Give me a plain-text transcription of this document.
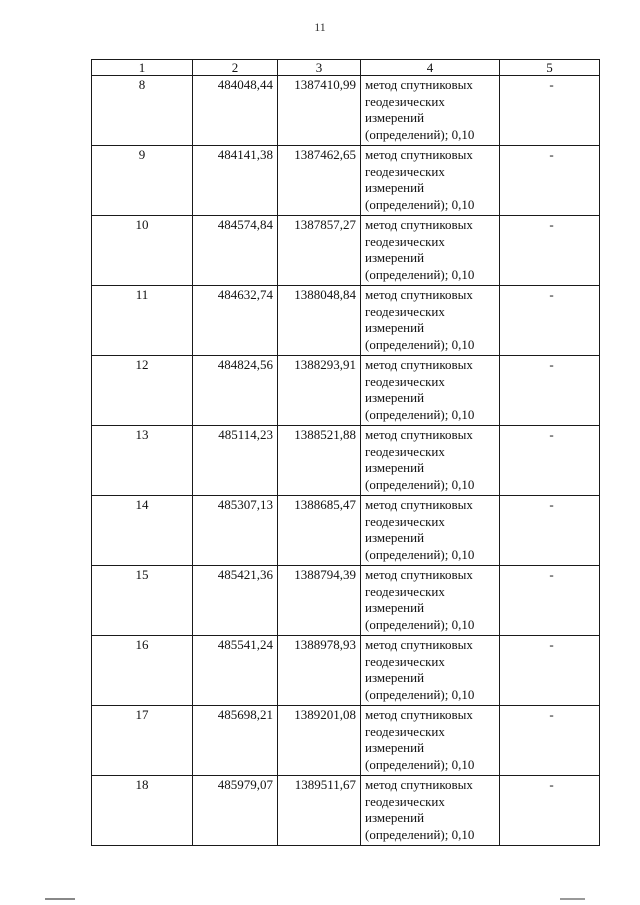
11
1	2	3	4	5
8	484048,44	1387410,99	метод спутниковых
геодезических
измерений
(определений); 0,10	-
9	484141,38	1387462,65	метод спутниковых
геодезических
измерений
(определений); 0,10	-
10	484574,84	1387857,27	метод спутниковых
геодезических
измерений
(определений); 0,10	-
11	484632,74	1388048,84	метод спутниковых
геодезических
измерений
(определений); 0,10	-
12	484824,56	1388293,91	метод спутниковых
геодезических
измерений
(определений); 0,10	-
13	485114,23	1388521,88	метод спутниковых
геодезических
измерений
(определений); 0,10	-
14	485307,13	1388685,47	метод спутниковых
геодезических
измерений
(определений); 0,10	-
15	485421,36	1388794,39	метод спутниковых
геодезических
измерений
(определений); 0,10	-
16	485541,24	1388978,93	метод спутниковых
геодезических
измерений
(определений); 0,10	-
17	485698,21	1389201,08	метод спутниковых
геодезических
измерений
(определений); 0,10	-
18	485979,07	1389511,67	метод спутниковых
геодезических
измерений
(определений); 0,10	-
